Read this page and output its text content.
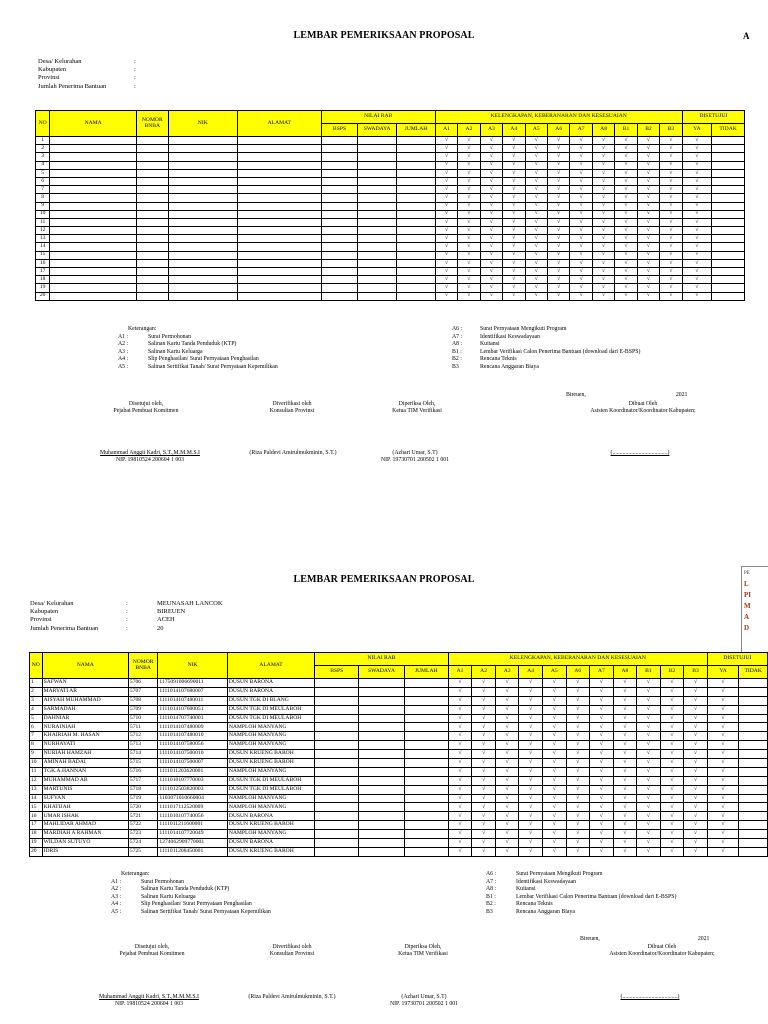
LEMBAR PEMERIKSAAN PROPOSAL	A
Desa/ Kelurahan	:
Kabupaten	:
Provinsi	:
Jumlah Penerima Bantuan	:
NO	NAMA	NOMOR BNBA	NIK	ALAMAT	NILAI RAB			KELENGKAPAN, KEBERANARAN DAN KESESUAIAN											DISETUJUI	
					BSPS	SWADAYA	JUMLAH	A1	A2	A3	A4	A5	A6	A7	A8	B1	B2	B3	YA	TIDAK
1								√	√	√	√	√	√	√	√	√	√	√	√	
2								√	√	√	√	√	√	√	√	√	√	√	√	
3								√	√	√	√	√	√	√	√	√	√	√	√	
4								√	√	√	√	√	√	√	√	√	√	√	√	
5								√	√	√	√	√	√	√	√	√	√	√	√	
6								√	√	√	√	√	√	√	√	√	√	√	√	
7								√	√	√	√	√	√	√	√	√	√	√	√	
8								√	√	√	√	√	√	√	√	√	√	√	√	
9								√	√	√	√	√	√	√	√	√	√	√	√	
10								√	√	√	√	√	√	√	√	√	√	√	√	
11								√	√	√	√	√	√	√	√	√	√	√	√	
12								√	√	√	√	√	√	√	√	√	√	√	√	
13								√	√	√	√	√	√	√	√	√	√	√	√	
14								√	√	√	√	√	√	√	√	√	√	√	√	
15								√	√	√	√	√	√	√	√	√	√	√	√	
16								√	√	√	√	√	√	√	√	√	√	√	√	
17								√	√	√	√	√	√	√	√	√	√	√	√	
18								√	√	√	√	√	√	√	√	√	√	√	√	
19								√	√	√	√	√	√	√	√	√	√	√	√	
20								√	√	√	√	√	√	√	√	√	√	√	√	
Keterangan:
A1 :	Surat Permohonan
A2 :	Salinan Kartu Tanda Penduduk (KTP)
A3 :	Salinan Kartu Keluarga
A4 :	Slip Penghasilan/ Surat Pernyataan Penghasilan
A5 :	Salinan Sertifikat Tanah/ Surat Pernyataan Kepemilikan
A6 :	Surat Pernyataan Mengikuti Program
A7 :	Identifikasi Keswadayaan
A8 :	Kuitansi
B1 :	Lembar Verifikasi Calon Penerima Bantuan (download dari E-BSPS)
B2 :	Rencana Teknis
B3	Rencana Anggaran Biaya
Bireuen,	2021
Disetujui oleh,
Pejabat Pembuat Komitmen
Diverifikasi oleh
Konsultan Provinsi
Diperiksa Oleh,
Ketua TIM Verifikasi
Dibuat Oleh
Asisten Koordinator/Koordinator Kabupaten;
Muhammad Anggit Kadri, S.T.,M.M.M.S.I
NIP. 19810524 200604 1 003
(Riza Paldevi Amirulmukminin, S.T.)	(Azhari Umar, S.T)
NIP. 19730701 200502 1 001
(......................................)
LEMBAR PEMERIKSAAN PROPOSAL
PE
L
PI
M
A
D
Desa/ Kelurahan	:	MEUNASAH LANCOK
Kabupaten	:	BIREUEN
Provinsi	:	ACEH
Jumlah Penerima Bantuan	:	20
NO	NAMA	NOMOR BNBA	NIK	ALAMAT	NILAI RAB			KELENGKAPAN, KEBERANARAN DAN KESESUAIAN											DISETUJUI	
					BSPS	SWADAYA	JUMLAH	A1	A2	A3	A4	A5	A6	A7	A8	B1	B2	B3	YA	TIDAK
1	SAFWAN	5706	1175091006690011	DUSUN BARONA				√	√	√	√	√	√	√	√	√	√	√	√	
2	MARYATI AR	5707	1111014107680007	DUSUN BARONA				√	√	√	√	√	√	√	√	√	√	√	√	
3	AISYAH MUHAMMAD	5708	1111014107480011	DUSUN TGK DI BLANG				√	√	√	√	√	√	√	√	√	√	√	√	
4	SARMADAH	5709	1111014107600051	DUSUN TGK DI MEULABOH				√	√	√	√	√	√	√	√	√	√	√	√	
5	DAHNIAR	5710	1111014707740001	DUSUN TGK DI MEULABOH				√	√	√	√	√	√	√	√	√	√	√	√	
6	NURAINIAH	5711	1111014107480009	NAMPLOH MANYANG				√	√	√	√	√	√	√	√	√	√	√	√	
7	KHAIRIAH M. HASAN	5712	1111014107480010	NAMPLOH MANYANG				√	√	√	√	√	√	√	√	√	√	√	√	
8	NURHAYATI	5713	1111014107580056	NAMPLOH MANYANG				√	√	√	√	√	√	√	√	√	√	√	√	
9	NURIAH HAMZAH	5714	1111014107500010	DUSUN KRUENG BAROH				√	√	√	√	√	√	√	√	√	√	√	√	
10	AMINAH BADAI	5715	1111014107500007	DUSUN KRUENG BAROH				√	√	√	√	√	√	√	√	√	√	√	√	
11	TGK.A.HANNAN	5716	1111011203620001	NAMPLOH MANYANG				√	√	√	√	√	√	√	√	√	√	√	√	
12	MUHAMMAD AB	5717	1111010107770003	DUSUN TGK DI MEULABOH				√	√	√	√	√	√	√	√	√	√	√	√	
13	MARTUNIS	5718	1111012503820003	DUSUN TGK DI MEULABOH				√	√	√	√	√	√	√	√	√	√	√	√	
14	SUFYAN	5719	1103071010660004	NAMPLOH MANYANG				√	√	√	√	√	√	√	√	√	√	√	√	
15	KHATIJAH	5720	1111017112520009	NAMPLOH MANYANG				√	√	√	√	√	√	√	√	√	√	√	√	
16	UMAR ISHAK	5721	1111010107740056	DUSUN BARONA				√	√	√	√	√	√	√	√	√	√	√	√	
17	MAHLIDAR AHMAD	5722	1111011211600001	DUSUN KRUENG BAROH				√	√	√	√	√	√	√	√	√	√	√	√	
18	MARDIAH A RAHMAN	5723	1111014107720049	NAMPLOH MANYANG				√	√	√	√	√	√	√	√	√	√	√	√	
19	WILDAN SUTUYO	5724	1274062909770001	DUSUN BARONA				√	√	√	√	√	√	√	√	√	√	√	√	
20	IDRIS	5725	1111011208450001	DUSUN KRUENG BAROH				√	√	√	√	√	√	√	√	√	√	√	√	
Keterangan:
A1 :	Surat Permohonan
A2 :	Salinan Kartu Tanda Penduduk (KTP)
A3 :	Salinan Kartu Keluarga
A4 :	Slip Penghasilan/ Surat Pernyataan Penghasilan
A5 :	Salinan Sertifikat Tanah/ Surat Pernyataan Kepemilikan
A6 :	Surat Pernyataan Mengikuti Program
A7 :	Identifikasi Keswadayaan
A8 :	Kuitansi
B1 :	Lembar Verifikasi Calon Penerima Bantuan (download dari E-BSPS)
B2 :	Rencana Teknis
B3	Rencana Anggaran Biaya
Bireuen,	2021
Disetujui oleh,
Pejabat Pembuat Komitmen
Diverifikasi oleh
Konsultan Provinsi
Diperiksa Oleh,
Ketua TIM Verifikasi
Dibuat Oleh
Asisten Koordinator/Koordinator Kabupaten;
Muhammad Anggit Kadri, S.T.,M.M.M.S.I
NIP. 19810524 200604 1 003
(Riza Paldevi Amirulmukminin, S.T.)	(Azhari Umar, S.T)
NIP. 19730701 200502 1 001
(......................................)
